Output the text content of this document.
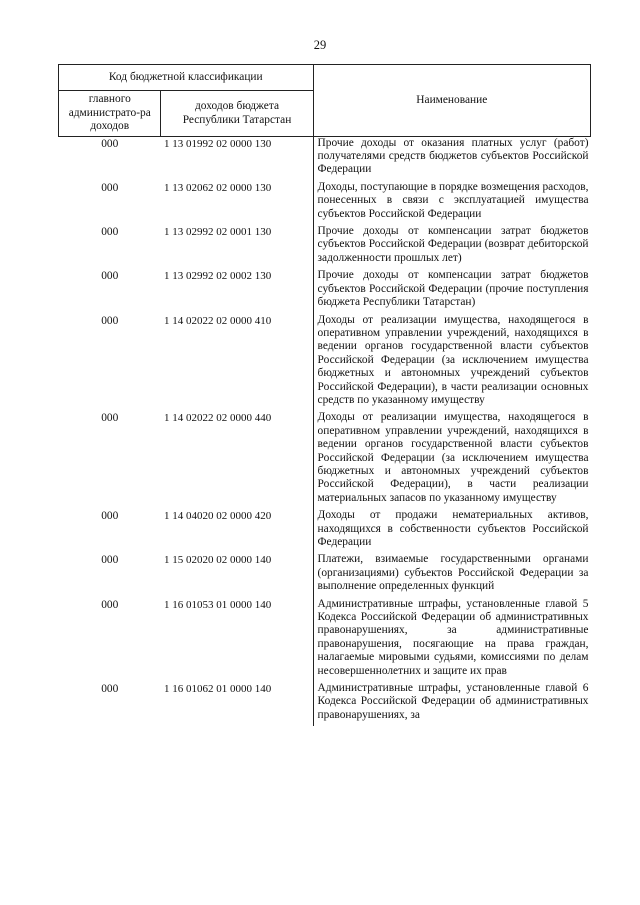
29
Код бюджетной классификации		Наименование
главного администрато-ра доходов	доходов бюджета Республики Татарстан	
000	1 13 01992 02 0000 130	Прочие доходы от оказания платных услуг (работ) получателями средств бюджетов субъектов Российской Федерации
000	1 13 02062 02 0000 130	Доходы, поступающие в порядке возмещения расходов, понесенных в связи с эксплуатацией имущества субъектов Российской Федерации
000	1 13 02992 02 0001 130	Прочие доходы от компенсации затрат бюджетов субъектов Российской Федерации (возврат дебиторской задолженности прошлых лет)
000	1 13 02992 02 0002 130	Прочие доходы от компенсации затрат бюджетов субъектов Российской Федерации (прочие поступления бюджета Республики Татарстан)
000	1 14 02022 02 0000 410	Доходы от реализации имущества, находящегося в оперативном управлении учреждений, находящихся в ведении органов государственной власти субъектов Российской Федерации (за исключением имущества бюджетных и автономных учреждений субъектов Российской Федерации), в части реализации основных средств по указанному имуществу
000	1 14 02022 02 0000 440	Доходы от реализации имущества, находящегося в оперативном управлении учреждений, находящихся в ведении органов государственной власти субъектов Российской Федерации (за исключением имущества бюджетных и автономных учреждений субъектов Российской Федерации), в части реализации материальных запасов по указанному имуществу
000	1 14 04020 02 0000 420	Доходы от продажи нематериальных активов, находящихся в собственности субъектов Российской Федерации
000	1 15 02020 02 0000 140	Платежи, взимаемые государственными органами (организациями) субъектов Российской Федерации за выполнение определенных функций
000	1 16 01053 01 0000 140	Административные штрафы, установленные главой 5 Кодекса Российской Федерации об административных правонарушениях, за административные правонарушения, посягающие на права граждан, налагаемые мировыми судьями, комиссиями по делам несовершеннолетних и защите их прав
000	1 16 01062 01 0000 140	Административные штрафы, установленные главой 6 Кодекса Российской Федерации об административных правонарушениях, за
